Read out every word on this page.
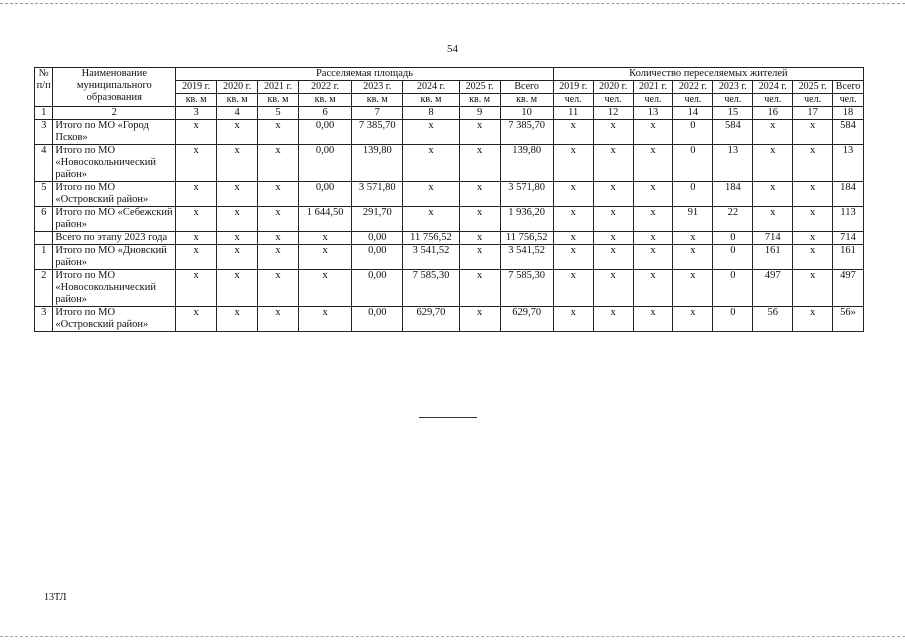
54
№ п/п	Наименование муниципального образования	Расселяемая площадь								Количество переселяемых жителей							
		2019 г.	2020 г.	2021 г.	2022 г.	2023 г.	2024 г.	2025 г.	Всего	2019 г.	2020 г.	2021 г.	2022 г.	2023 г.	2024 г.	2025 г.	Всего
		кв. м	кв. м	кв. м	кв. м	кв. м	кв. м	кв. м	кв. м	чел.	чел.	чел.	чел.	чел.	чел.	чел.	чел.
1	2	3	4	5	6	7	8	9	10	11	12	13	14	15	16	17	18
3	Итого по МО «Город Псков»	х	х	х	0,00	7 385,70	х	х	7 385,70	х	х	х	0	584	х	х	584
4	Итого по МО «Новосокольнический район»	х	х	х	0,00	139,80	х	х	139,80	х	х	х	0	13	х	х	13
5	Итого по МО «Островский район»	х	х	х	0,00	3 571,80	х	х	3 571,80	х	х	х	0	184	х	х	184
6	Итого по МО «Себежский район»	х	х	х	1 644,50	291,70	х	х	1 936,20	х	х	х	91	22	х	х	113
	Всего по этапу 2023 года	х	х	х	х	0,00	11 756,52	х	11 756,52	х	х	х	х	0	714	х	714
1	Итого по МО «Дновский район»	х	х	х	х	0,00	3 541,52	х	3 541,52	х	х	х	х	0	161	х	161
2	Итого по МО «Новосокольнический район»	х	х	х	х	0,00	7 585,30	х	7 585,30	х	х	х	х	0	497	х	497
3	Итого по МО «Островский район»	х	х	х	х	0,00	629,70	х	629,70	х	х	х	х	0	56	х	56»
13ТЛ
